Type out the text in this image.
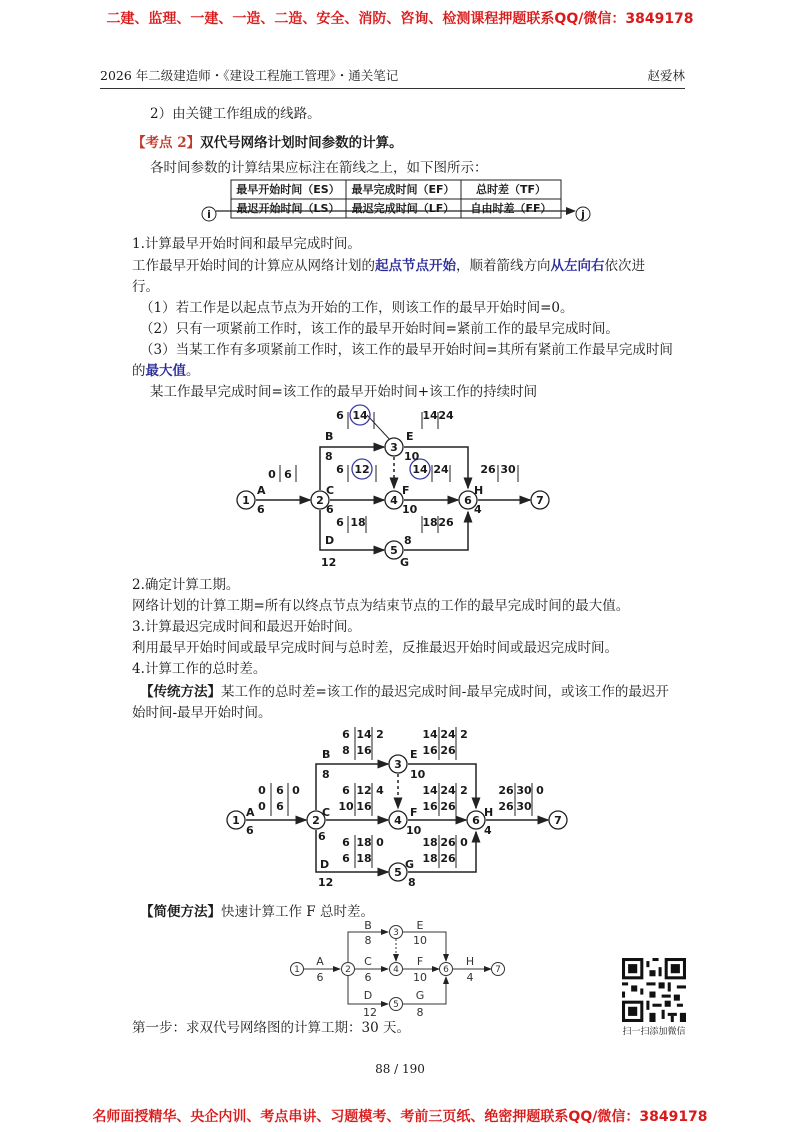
二建、监理、一建、一造、二造、安全、消防、咨询、检测课程押题联系QQ/微信：3849178
2026 年二级建造师・《建设工程施工管理》・通关笔记	赵爱林
2）由关键工作组成的线路。
【考点 2】双代号网络计划时间参数的计算。
各时间参数的计算结果应标注在箭线之上，如下图所示：
i	j
最早开始时间（ES） 最早完成时间（EF） 总时差（TF）
最迟开始时间（LS） 最迟完成时间（LF） 自由时差（FF）
1.计算最早开始时间和最早完成时间。
工作最早开始时间的计算应从网络计划的起点节点开始，顺着箭线方向从左向右依次进
行。
（1）若工作是以起点节点为开始的工作，则该工作的最早开始时间=0。
（2）只有一项紧前工作时，该工作的最早开始时间=紧前工作的最早完成时间。
（3）当某工作有多项紧前工作时，该工作的最早开始时间=其所有紧前工作最早完成时间
的最大值。
某工作最早完成时间=该工作的最早开始时间+该工作的持续时间
1	2
3
4
5
6	7
A
6
B
8
C
6
D
12
E
10
F
10
G
8
H
4
0 6
6 14
6 12
6 18
14 24
14 24
18 26
26 30
2.确定计算工期。
网络计划的计算工期=所有以终点节点为结束节点的工作的最早完成时间的最大值。
3.计算最迟完成时间和最迟开始时间。
利用最早开始时间或最早完成时间与总时差，反推最迟开始时间或最迟完成时间。
4.计算工作的总时差。
【传统方法】某工作的总时差=该工作的最迟完成时间-最早完成时间，或该工作的最迟开
始时间-最早开始时间。
1	2
3
4
5
6	7
A
6
B
8
C
6
D
12
E
10
F
10
G
8
H
4
0 6 0
0 6
6 14 2
8 16
6 12 4
10 16
6 18 0
6 18
14 24 2
16 26
14 24 2
16 26
18 26 0
18 26
26 30 0
26 30
【简便方法】快速计算工作 F 总时差。
1	2
3
4
5
6	7
A
6
B
8
C
6
D
12
E
10
F
10
G
8
H
4
扫一扫添加微信
第一步：求双代号网络图的计算工期：30 天。
88 / 190
名师面授精华、央企内训、考点串讲、习题模考、考前三页纸、绝密押题联系QQ/微信：3849178
